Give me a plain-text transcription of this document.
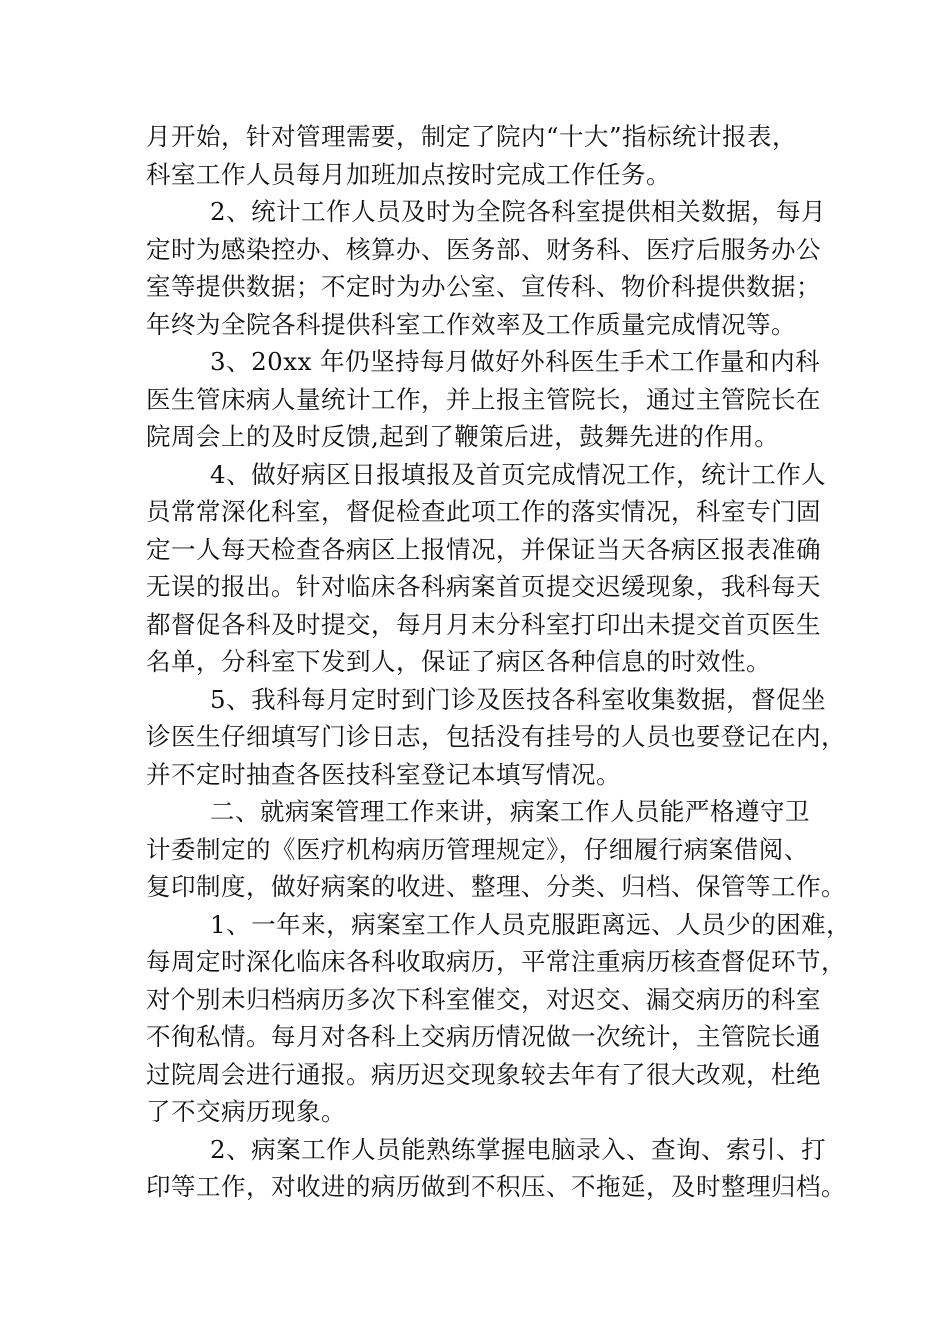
月开始，针对管理需要，制定了院内“十大”指标统计报表，
科室工作人员每月加班加点按时完成工作任务。
2、统计工作人员及时为全院各科室提供相关数据，每月
定时为感染控办、核算办、医务部、财务科、医疗后服务办公
室等提供数据；不定时为办公室、宣传科、物价科提供数据；
年终为全院各科提供科室工作效率及工作质量完成情况等。
3、20xx 年仍坚持每月做好外科医生手术工作量和内科
医生管床病人量统计工作，并上报主管院长，通过主管院长在
院周会上的及时反馈,起到了鞭策后进，鼓舞先进的作用。
4、做好病区日报填报及首页完成情况工作，统计工作人
员常常深化科室，督促检查此项工作的落实情况，科室专门固
定一人每天检查各病区上报情况，并保证当天各病区报表准确
无误的报出。针对临床各科病案首页提交迟缓现象，我科每天
都督促各科及时提交，每月月末分科室打印出未提交首页医生
名单，分科室下发到人，保证了病区各种信息的时效性。
5、我科每月定时到门诊及医技各科室收集数据，督促坐
诊医生仔细填写门诊日志，包括没有挂号的人员也要登记在内，
并不定时抽查各医技科室登记本填写情况。
二、就病案管理工作来讲，病案工作人员能严格遵守卫
计委制定的《医疗机构病历管理规定》，仔细履行病案借阅、
复印制度，做好病案的收进、整理、分类、归档、保管等工作。
1、一年来，病案室工作人员克服距离远、人员少的困难，
每周定时深化临床各科收取病历，平常注重病历核查督促环节，
对个别未归档病历多次下科室催交，对迟交、漏交病历的科室
不徇私情。每月对各科上交病历情况做一次统计，主管院长通
过院周会进行通报。病历迟交现象较去年有了很大改观，杜绝
了不交病历现象。
2、病案工作人员能熟练掌握电脑录入、查询、索引、打
印等工作，对收进的病历做到不积压、不拖延，及时整理归档。
